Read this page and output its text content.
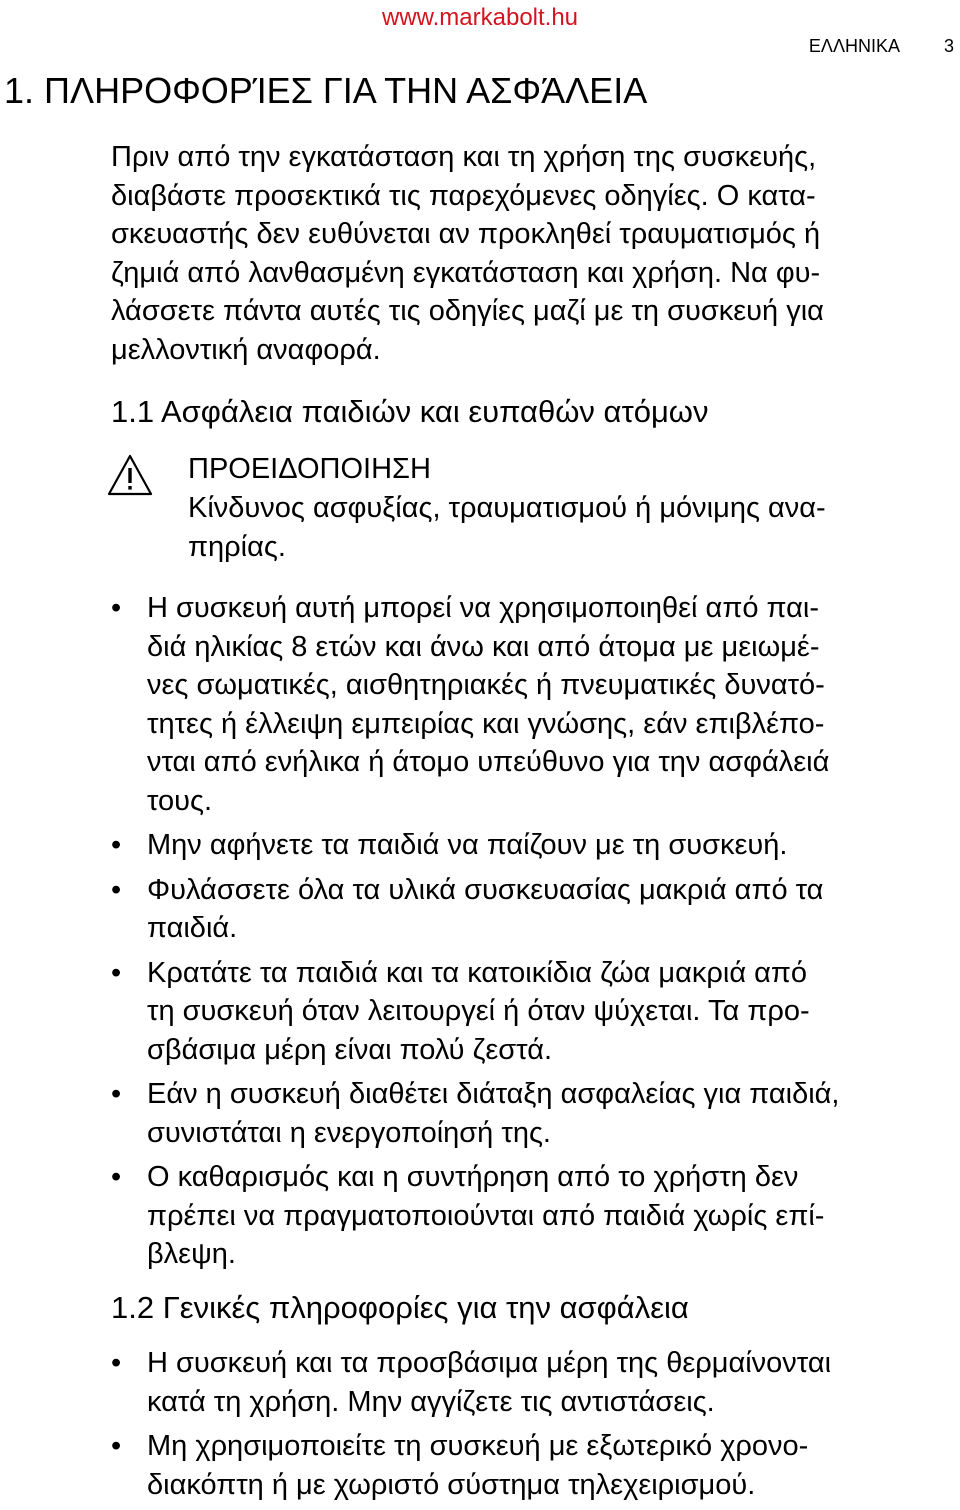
www.markabolt.hu
ΕΛΛΗΝΙΚΑ 3
1. ΠΛΗΡΟΦΟΡΊΕΣ ΓΙΑ ΤΗΝ ΑΣΦΆΛΕΙΑ

Πριν από την εγκατάσταση και τη χρήση της συσκευής,
διαβάστε προσεκτικά τις παρεχόμενες οδηγίες. Ο κατα-
σκευαστής δεν ευθύνεται αν προκληθεί τραυματισμός ή
ζημιά από λανθασμένη εγκατάσταση και χρήση. Να φυ-
λάσσετε πάντα αυτές τις οδηγίες μαζί με τη συσκευή για
μελλοντική αναφορά.

1.1 Ασφάλεια παιδιών και ευπαθών ατόμων
ΠΡΟΕΙΔΟΠΟΙΗΣΗ

Κίνδυνος ασφυξίας, τραυματισμού ή μόνιμης ανα-
πηρίας.

• Η συσκευή αυτή μπορεί να χρησιμοποιηθεί από παι-
διά ηλικίας 8 ετών και άνω και από άτομα με μειωμέ-
νες σωματικές, αισθητηριακές ή πνευματικές δυνατό-
τητες ή έλλειψη εμπειρίας και γνώσης, εάν επιβλέπο-
νται από ενήλικα ή άτομο υπεύθυνο για την ασφάλειά
τους.
• Μην αφήνετε τα παιδιά να παίζουν με τη συσκευή.
• Φυλάσσετε όλα τα υλικά συσκευασίας μακριά από τα
παιδιά.
• Κρατάτε τα παιδιά και τα κατοικίδια ζώα μακριά από
τη συσκευή όταν λειτουργεί ή όταν ψύχεται. Τα προ-
σβάσιμα μέρη είναι πολύ ζεστά.
• Εάν η συσκευή διαθέτει διάταξη ασφαλείας για παιδιά,
συνιστάται η ενεργοποίησή της.
• Ο καθαρισμός και η συντήρηση από το χρήστη δεν
πρέπει να πραγματοποιούνται από παιδιά χωρίς επί-
βλεψη.
1.2 Γενικές πληροφορίες για την ασφάλεια
• Η συσκευή και τα προσβάσιμα μέρη της θερμαίνονται
κατά τη χρήση. Μην αγγίζετε τις αντιστάσεις.
• Μη χρησιμοποιείτε τη συσκευή με εξωτερικό χρονο-
διακόπτη ή με χωριστό σύστημα τηλεχειρισμού.
